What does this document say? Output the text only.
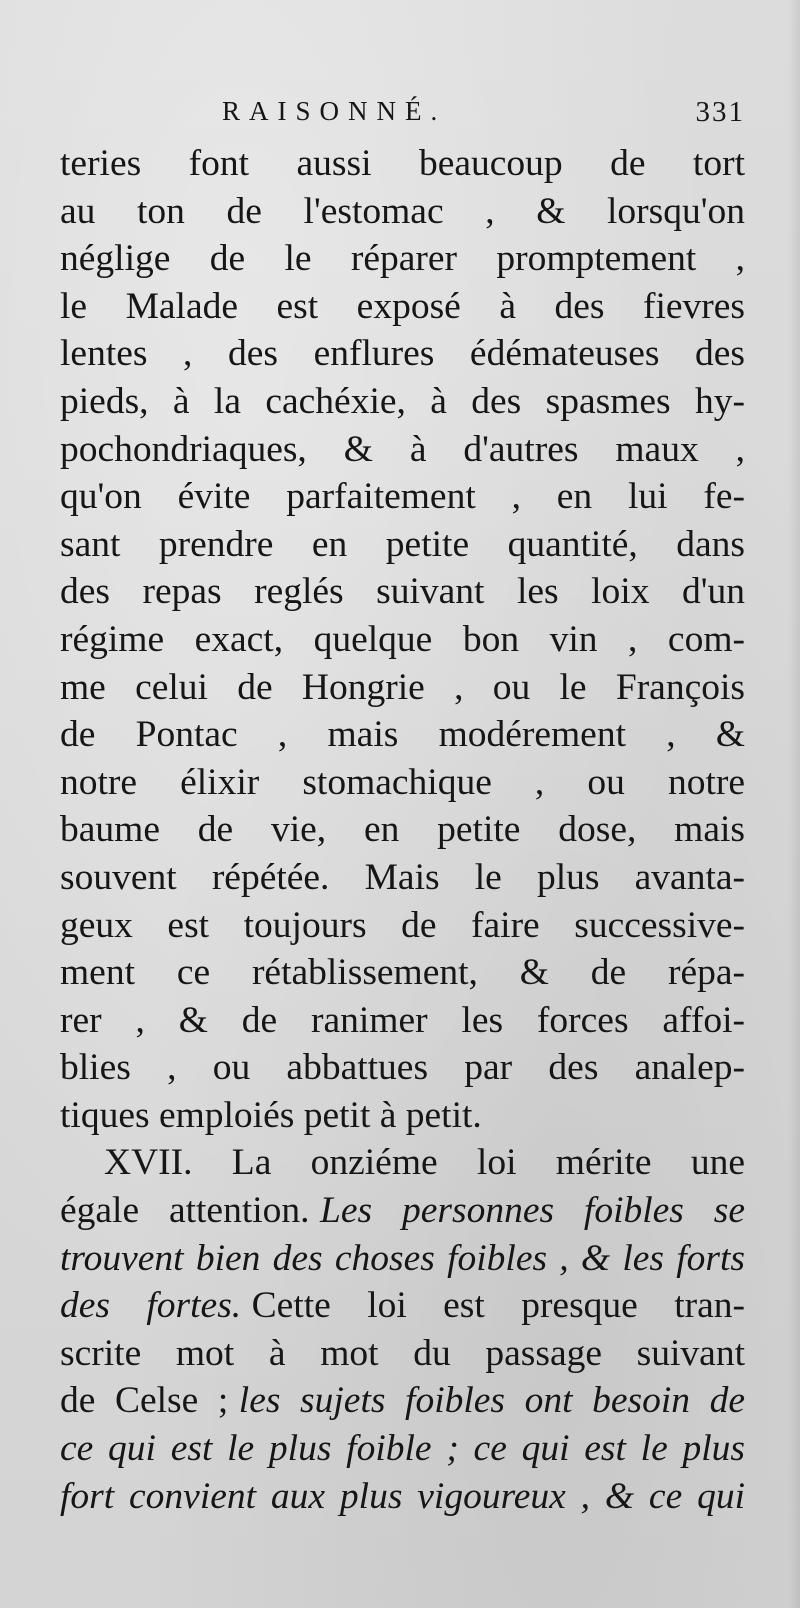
RAISONNÉ.	331
teries font aussi beaucoup de tort
au ton de l'estomac , & lorsqu'on
néglige de le réparer promptement ,
le Malade est exposé à des fievres
lentes , des enflures édémateuses des
pieds, à la cachéxie, à des spasmes hy-
pochondriaques, & à d'autres maux ,
qu'on évite parfaitement , en lui fe-
sant prendre en petite quantité, dans
des repas reglés suivant les loix d'un
régime exact, quelque bon vin , com-
me celui de Hongrie , ou le François
de Pontac , mais modérement , &
notre élixir stomachique , ou notre
baume de vie, en petite dose, mais
souvent répétée. Mais le plus avanta-
geux est toujours de faire successive-
ment ce rétablissement, & de répa-
rer , & de ranimer les forces affoi-
blies , ou abbattues par des analep-
tiques emploiés petit à petit.
XVII. La onziéme loi mérite une
égale attention. Les personnes foibles se
trouvent bien des choses foibles , & les forts
des fortes. Cette loi est presque tran-
scrite mot à mot du passage suivant
de Celse ; les sujets foibles ont besoin de
ce qui est le plus foible ; ce qui est le plus
fort convient aux plus vigoureux , & ce qui
